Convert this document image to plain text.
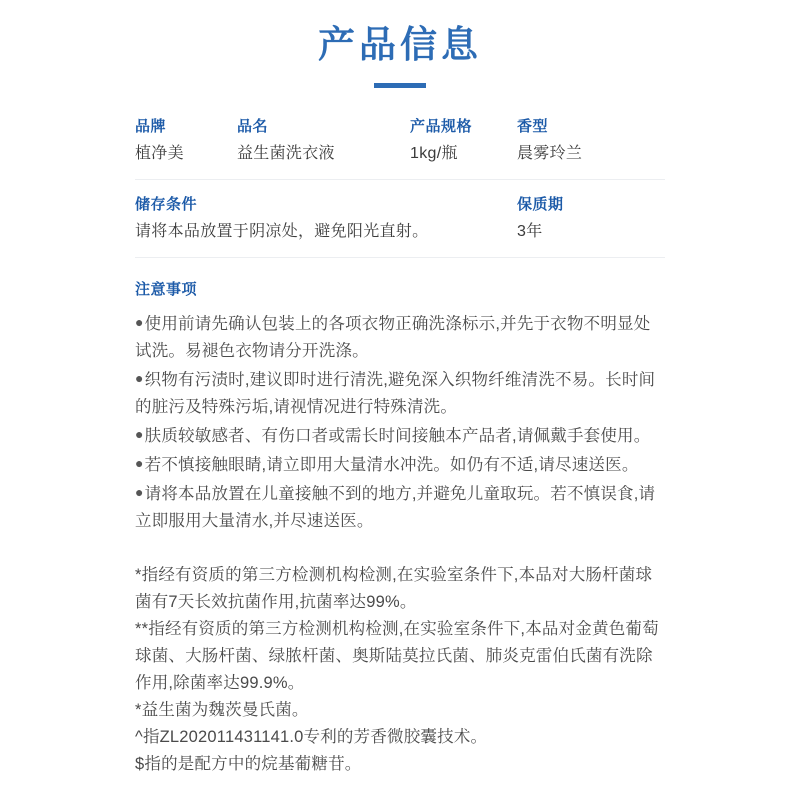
产品信息
品牌
植净美
品名
益生菌洗衣液
产品规格
1kg/瓶
香型
晨雾玲兰
储存条件
请将本品放置于阴凉处，避免阳光直射。
保质期
3年
注意事项
● 使用前请先确认包装上的各项衣物正确洗涤标示,并先于衣物不明显处试洗。易褪色衣物请分开洗涤。
● 织物有污渍时,建议即时进行清洗,避免深入织物纤维清洗不易。长时间的脏污及特殊污垢,请视情况进行特殊清洗。
● 肤质较敏感者、有伤口者或需长时间接触本产品者,请佩戴手套使用。
● 若不慎接触眼睛,请立即用大量清水冲洗。如仍有不适,请尽速送医。
● 请将本品放置在儿童接触不到的地方,并避免儿童取玩。若不慎误食,请立即服用大量清水,并尽速送医。

*指经有资质的第三方检测机构检测,在实验室条件下,本品对大肠杆菌球菌有7天长效抗菌作用,抗菌率达99%。

**指经有资质的第三方检测机构检测,在实验室条件下,本品对金黄色葡萄球菌、大肠杆菌、绿脓杆菌、奥斯陆莫拉氏菌、肺炎克雷伯氏菌有洗除作用,除菌率达99.9%。

*益生菌为魏茨曼氏菌。

^指ZL202011431141.0专利的芳香微胶囊技术。

$指的是配方中的烷基葡糖苷。
